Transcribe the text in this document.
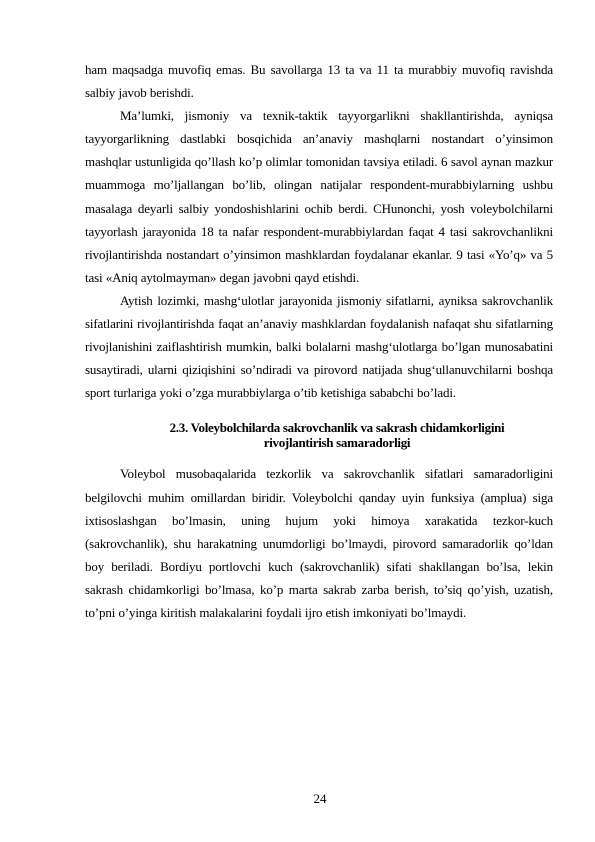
ham maqsadga muvofiq emas. Bu savollarga 13 ta va 11 ta murabbiy muvofiq ravishda salbiy javob berishdi.

Ma’lumki, jismoniy va texnik-taktik tayyorgarlikni shakllantirishda, ayniqsa tayyorgarlikning dastlabki bosqichida an’anaviy mashqlarni nostandart o’yinsimon mashqlar ustunligida qo’llash ko’p olimlar tomonidan tavsiya etiladi. 6 savol aynan mazkur muammoga mo’ljallangan bo’lib, olingan natijalar respondent-murabbiylarning ushbu masalaga deyarli salbiy yondoshishlarini ochib berdi. CHunonchi, yosh voleybolchilarni tayyorlash jarayonida 18 ta nafar respondent-murabbiylardan faqat 4 tasi sakrovchanlikni rivojlantirishda nostandart o’yinsimon mashklardan foydalanar ekanlar. 9 tasi «Yo’q» va 5 tasi «Aniq aytolmayman» degan javobni qayd etishdi.

Aytish lozimki, mashg‘ulotlar jarayonida jismoniy sifatlarni, ayniksa sakrovchanlik sifatlarini rivojlantirishda faqat an’anaviy mashklardan foydalanish nafaqat shu sifatlarning rivojlanishini zaiflashtirish mumkin, balki bolalarni mashg‘ulotlarga bo’lgan munosabatini susaytiradi, ularni qiziqishini so’ndiradi va pirovord natijada shug‘ullanuvchilarni boshqa sport turlariga yoki o’zga murabbiylarga o’tib ketishiga sababchi bo’ladi.

2.3. Voleybolchilarda sakrovchanlik va sakrash chidamkorligini
rivojlantirish samaradorligi

Voleybol musobaqalarida tezkorlik va sakrovchanlik sifatlari samaradorligini belgilovchi muhim omillardan biridir. Voleybolchi qanday uyin funksiya (amplua) siga ixtisoslashgan bo’lmasin, uning hujum yoki himoya xarakatida tezkor-kuch (sakrovchanlik), shu harakatning unumdorligi bo’lmaydi, pirovord samaradorlik qo’ldan boy beriladi. Bordiyu portlovchi kuch (sakrovchanlik) sifati shakllangan bo’lsa, lekin sakrash chidamkorligi bo’lmasa, ko’p marta sakrab zarba berish, to’siq qo’yish, uzatish, to’pni o’yinga kiritish malakalarini foydali ijro etish imkoniyati bo’lmaydi.

24
